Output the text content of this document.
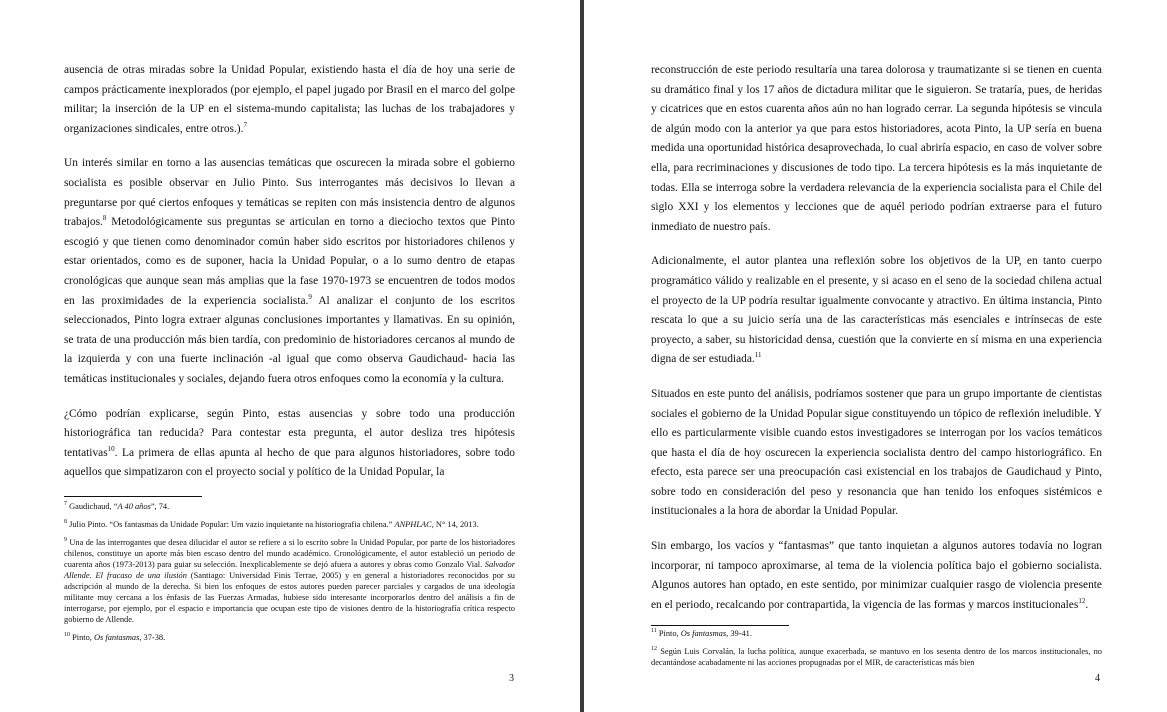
ausencia de otras miradas sobre la Unidad Popular, existiendo hasta el día de hoy una serie de campos prácticamente inexplorados (por ejemplo, el papel jugado por Brasil en el marco del golpe militar; la inserción de la UP en el sistema-mundo capitalista; las luchas de los trabajadores y organizaciones sindicales, entre otros.).$^7$

Un interés similar en torno a las ausencias temáticas que oscurecen la mirada sobre el gobierno socialista es posible observar en Julio Pinto. Sus interrogantes más decisivos lo llevan a preguntarse por qué ciertos enfoques y temáticas se repiten con más insistencia dentro de algunos trabajos.$^8$ Metodológicamente sus preguntas se articulan en torno a dieciocho textos que Pinto escogió y que tienen como denominador común haber sido escritos por historiadores chilenos y estar orientados, como es de suponer, hacia la Unidad Popular, o a lo sumo dentro de etapas cronológicas que aunque sean más amplias que la fase 1970-1973 se encuentren de todos modos en las proximidades de la experiencia socialista.$^9$ Al analizar el conjunto de los escritos seleccionados, Pinto logra extraer algunas conclusiones importantes y llamativas. En su opinión, se trata de una producción más bien tardía, con predominio de historiadores cercanos al mundo de la izquierda y con una fuerte inclinación -al igual que como observa Gaudichaud- hacia las temáticas institucionales y sociales, dejando fuera otros enfoques como la economía y la cultura.

¿Cómo podrían explicarse, según Pinto, estas ausencias y sobre todo una producción historiográfica tan reducida? Para contestar esta pregunta, el autor desliza tres hipótesis tentativas$^{10}$. La primera de ellas apunta al hecho de que para algunos historiadores, sobre todo aquellos que simpatizaron con el proyecto social y político de la Unidad Popular, la

$^7$ Gaudichaud, “A 40 años”, 74.

$^8$ Julio Pinto. “Os fantasmas da Unidade Popular: Um vazio inquietante na historiografia chilena.” ANPHLAC, N° 14, 2013.

$^9$ Una de las interrogantes que desea dilucidar el autor se refiere a si lo escrito sobre la Unidad Popular, por parte de los historiadores chilenos, constituye un aporte más bien escaso dentro del mundo académico. Cronológicamente, el autor estableció un periodo de cuarenta años (1973-2013) para guiar su selección. Inexplicablemente se dejó afuera a autores y obras como Gonzalo Vial. Salvador Allende. El fracaso de una ilusión (Santiago: Universidad Finis Terrae, 2005) y en general a historiadores reconocidos por su adscripción al mundo de la derecha. Si bien los enfoques de estos autores pueden parecer parciales y cargados de una ideología militante muy cercana a los énfasis de las Fuerzas Armadas, hubiese sido interesante incorporarlos dentro del análisis a fin de interrogarse, por ejemplo, por el espacio e importancia que ocupan este tipo de visiones dentro de la historiografía crítica respecto gobierno de Allende.

$^{10}$ Pinto, Os fantasmas, 37-38.

3

reconstrucción de este periodo resultaría una tarea dolorosa y traumatizante si se tienen en cuenta su dramático final y los 17 años de dictadura militar que le siguieron. Se trataría, pues, de heridas y cicatrices que en estos cuarenta años aún no han logrado cerrar. La segunda hipótesis se vincula de algún modo con la anterior ya que para estos historiadores, acota Pinto, la UP sería en buena medida una oportunidad histórica desaprovechada, lo cual abriría espacio, en caso de volver sobre ella, para recriminaciones y discusiones de todo tipo. La tercera hipótesis es la más inquietante de todas. Ella se interroga sobre la verdadera relevancia de la experiencia socialista para el Chile del siglo XXI y los elementos y lecciones que de aquél periodo podrían extraerse para el futuro inmediato de nuestro país.

Adicionalmente, el autor plantea una reflexión sobre los objetivos de la UP, en tanto cuerpo programático válido y realizable en el presente, y si acaso en el seno de la sociedad chilena actual el proyecto de la UP podría resultar igualmente convocante y atractivo. En última instancia, Pinto rescata lo que a su juicio sería una de las características más esenciales e intrínsecas de este proyecto, a saber, su historicidad densa, cuestión que la convierte en sí misma en una experiencia digna de ser estudiada.$^{11}$

Situados en este punto del análisis, podríamos sostener que para un grupo importante de cientistas sociales el gobierno de la Unidad Popular sigue constituyendo un tópico de reflexión ineludible. Y ello es particularmente visible cuando estos investigadores se interrogan por los vacíos temáticos que hasta el día de hoy oscurecen la experiencia socialista dentro del campo historiográfico. En efecto, esta parece ser una preocupación casi existencial en los trabajos de Gaudichaud y Pinto, sobre todo en consideración del peso y resonancia que han tenido los enfoques sistémicos e institucionales a la hora de abordar la Unidad Popular.

Sin embargo, los vacíos y “fantasmas” que tanto inquietan a algunos autores todavía no logran incorporar, ni tampoco aproximarse, al tema de la violencia política bajo el gobierno socialista. Algunos autores han optado, en este sentido, por minimizar cualquier rasgo de violencia presente en el periodo, recalcando por contrapartida, la vigencia de las formas y marcos institucionales$^{12}$.

$^{11}$ Pinto, Os fantasmas, 39-41.

$^{12}$ Según Luis Corvalán, la lucha política, aunque exacerbada, se mantuvo en los sesenta dentro de los marcos institucionales, no decantándose acabadamente ni las acciones propugnadas por el MIR, de características más bien

4
